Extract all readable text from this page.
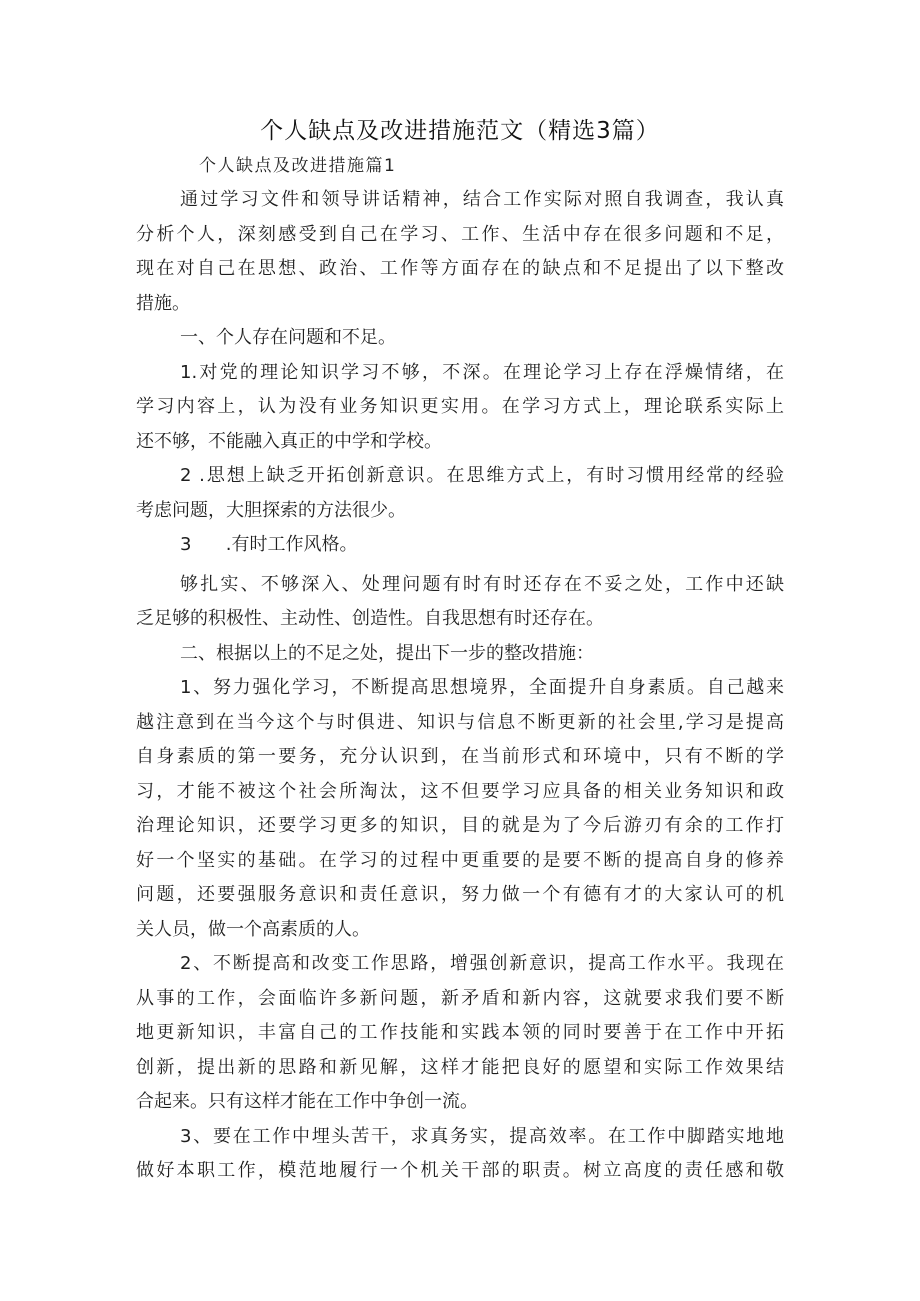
个人缺点及改进措施范文（精选3篇）
个人缺点及改进措施篇1
通过学习文件和领导讲话精神，结合工作实际对照自我调查，我认真
分析个人，深刻感受到自己在学习、工作、生活中存在很多问题和不足，
现在对自己在思想、政治、工作等方面存在的缺点和不足提出了以下整改
措施。
一、个人存在问题和不足。
1.对党的理论知识学习不够，不深。在理论学习上存在浮燥情绪，在
学习内容上，认为没有业务知识更实用。在学习方式上，理论联系实际上
还不够，不能融入真正的中学和学校。
2 .思想上缺乏开拓创新意识。在思维方式上，有时习惯用经常的经验
考虑问题，大胆探索的方法很少。
3      .有时工作风格。
够扎实、不够深入、处理问题有时有时还存在不妥之处，工作中还缺
乏足够的积极性、主动性、创造性。自我思想有时还存在。
二、根据以上的不足之处，提出下一步的整改措施：
1、努力强化学习，不断提高思想境界，全面提升自身素质。自己越来
越注意到在当今这个与时俱进、知识与信息不断更新的社会里,学习是提高
自身素质的第一要务，充分认识到，在当前形式和环境中，只有不断的学
习，才能不被这个社会所淘汰，这不但要学习应具备的相关业务知识和政
治理论知识，还要学习更多的知识，目的就是为了今后游刃有余的工作打
好一个坚实的基础。在学习的过程中更重要的是要不断的提高自身的修养
问题，还要强服务意识和责任意识，努力做一个有德有才的大家认可的机
关人员，做一个高素质的人。
2、不断提高和改变工作思路，增强创新意识，提高工作水平。我现在
从事的工作，会面临许多新问题，新矛盾和新内容，这就要求我们要不断
地更新知识，丰富自己的工作技能和实践本领的同时要善于在工作中开拓
创新，提出新的思路和新见解，这样才能把良好的愿望和实际工作效果结
合起来。只有这样才能在工作中争创一流。
3、要在工作中埋头苦干，求真务实，提高效率。在工作中脚踏实地地
做好本职工作，模范地履行一个机关干部的职责。树立高度的责任感和敬
